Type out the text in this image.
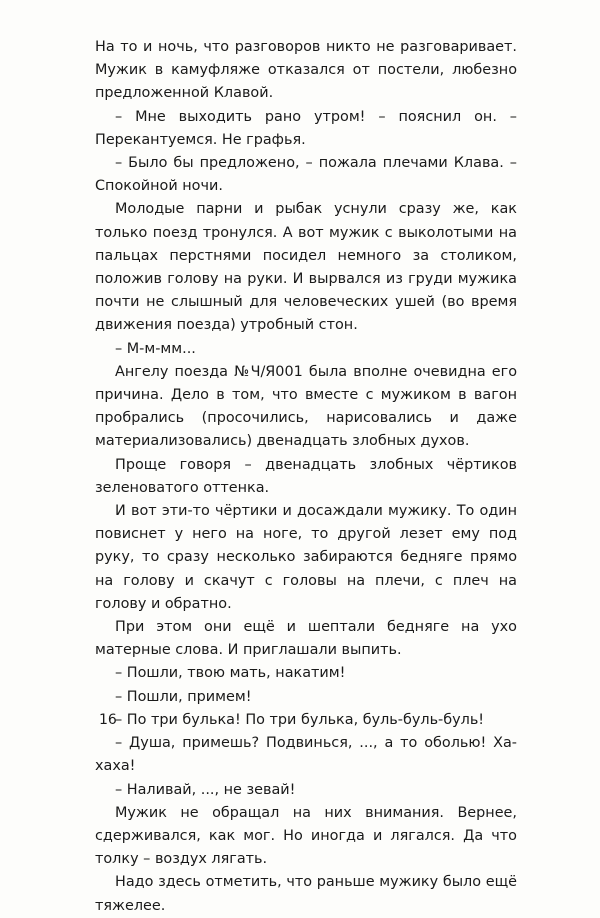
На то и ночь, что разговоров никто не разговаривает. Мужик в камуфляже отказался от постели, любезно предложенной Клавой.

– Мне выходить рано утром! – пояснил он. – Перекантуемся. Не графья.

– Было бы предложено, – пожала плечами Клава. – Спокойной ночи.

Молодые парни и рыбак уснули сразу же, как только поезд тронулся. А вот мужик с выколотыми на пальцах перстнями посидел немного за столиком, положив голову на руки. И вырвался из груди мужика почти не слышный для человеческих ушей (во время движения поезда) утробный стон.

– М-м-мм...

Ангелу поезда №Ч/Я001 была вполне очевидна его причина. Дело в том, что вместе с мужиком в вагон пробрались (просочились, нарисовались и даже материализовались) двенадцать злобных духов.

Проще говоря – двенадцать злобных чёртиков зеленоватого оттенка.

И вот эти-то чёртики и досаждали мужику. То один повиснет у него на ноге, то другой лезет ему под руку, то сразу несколько забираются бедняге прямо на голову и скачут с головы на плечи, с плеч на голову и обратно.

При этом они ещё и шептали бедняге на ухо матерные слова. И приглашали выпить.

– Пошли, твою мать, накатим!

– Пошли, примем!

– По три булька! По три булька, буль-буль-буль!

– Душа, примешь? Подвинься, ..., а то оболью! Ха-хаха!

– Наливай, ..., не зевай!

Мужик не обращал на них внимания. Вернее, сдерживался, как мог. Но иногда и лягался. Да что толку – воздух лягать.

Надо здесь отметить, что раньше мужику было ещё тяжелее.

16
